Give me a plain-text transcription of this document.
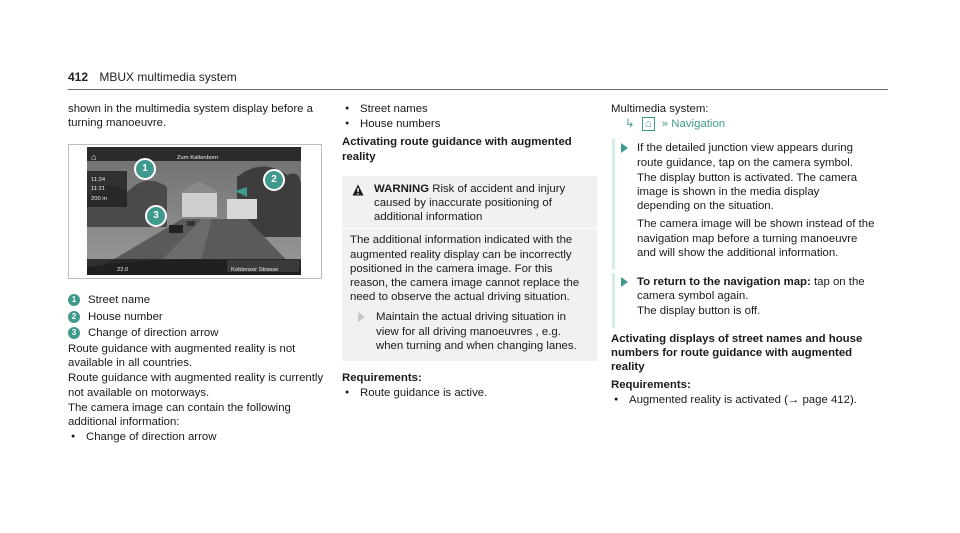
412 MBUX multimedia system

shown in the multimedia system display before a turning manoeuvre.

⌂	Zum Kaltenborn
11:24
11:21
200 m
Koblenzer Strasse
22.0
1
2
3
1	Street name
2	House number
3	Change of direction arrow

Route guidance with augmented reality is not available in all countries.

Route guidance with augmented reality is currently not available on motorways.

The camera image can contain the following additional information:

● Change of direction arrow

● Street names

● House numbers

Activating route guidance with augmented reality

WARNING Risk of accident and injury caused by inaccurate positioning of additional information

The additional information indicated with the augmented reality display can be incorrectly positioned in the camera image. For this reason, the camera image cannot replace the need to observe the actual driving situation.

Maintain the actual driving situation in view for all driving manoeuvres , e.g. when turning and when changing lanes.

Requirements:

● Route guidance is active.

Multimedia system:

↳ ⌂ » Navigation

If the detailed junction view appears during route guidance, tap on the camera symbol.

The display button is activated. The camera image is shown in the media display depending on the situation.

The camera image will be shown instead of the navigation map before a turning manoeuvre and will show the additional information.

To return to the navigation map: tap on the camera symbol again.

The display button is off.

Activating displays of street names and house numbers for route guidance with augmented reality

Requirements:

● Augmented reality is activated (→ page 412).
